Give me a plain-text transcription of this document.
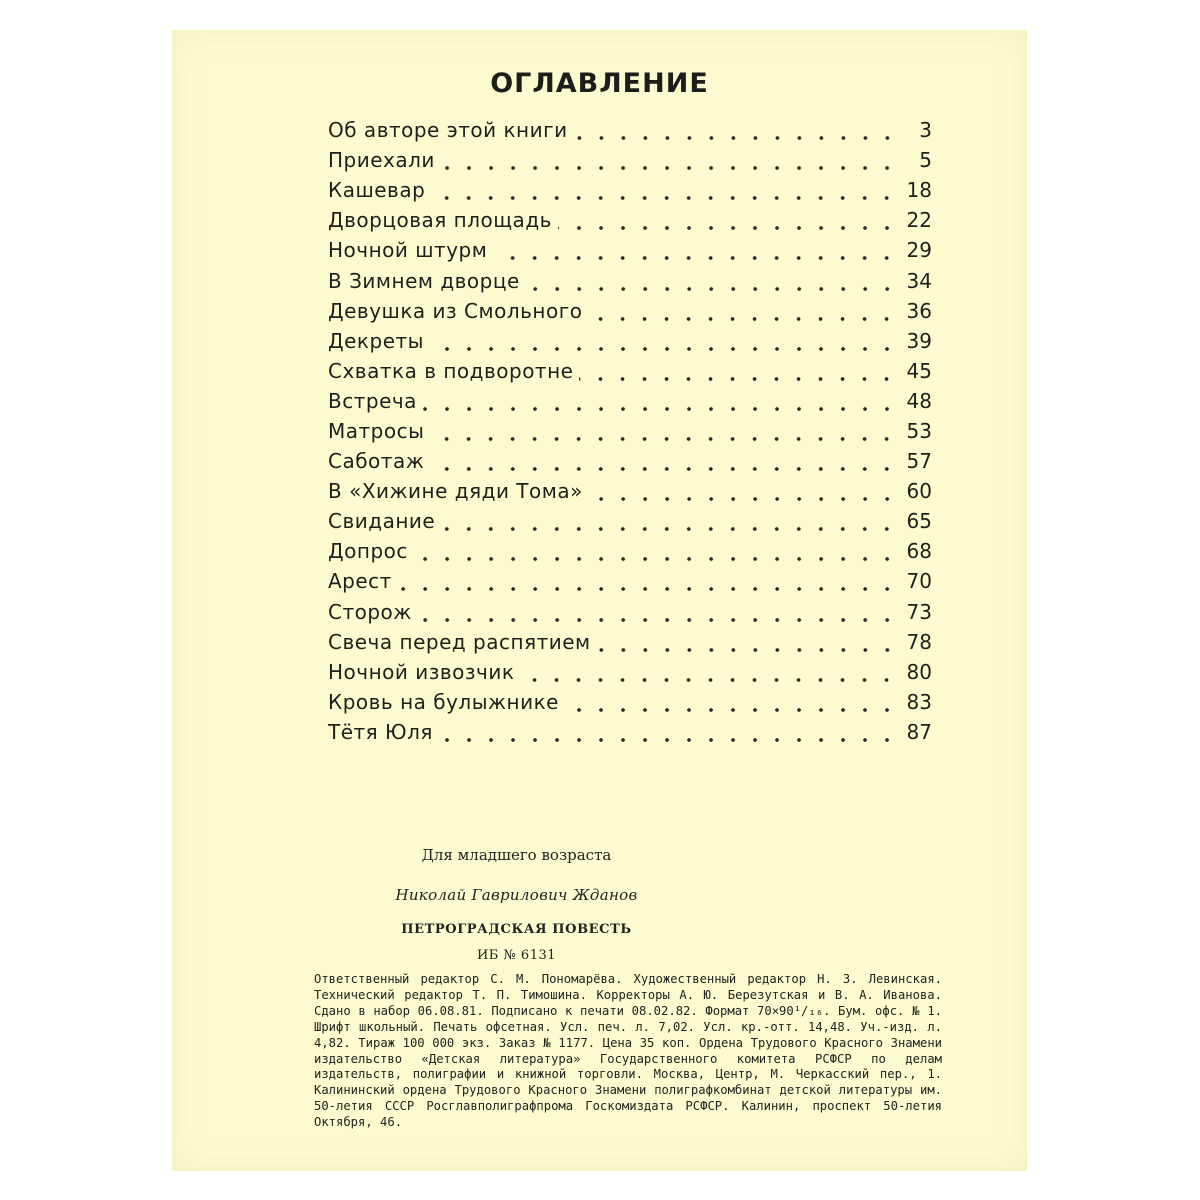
ОГЛАВЛЕНИЕ
Об авторе этой книги	3
Приехали	5
Кашевар	18
Дворцовая площадь	22
Ночной штурм	29
В Зимнем дворце	34
Девушка из Смольного	36
Декреты	39
Схватка в подворотне	45
Встреча	48
Матросы	53
Саботаж	57
В «Хижине дяди Тома»	60
Свидание	65
Допрос	68
Арест	70
Сторож	73
Свеча перед распятием	78
Ночной извозчик	80
Кровь на булыжнике	83
Тётя Юля	87
Для младшего возраста
Николай Гаврилович Жданов
ПЕТРОГРАДСКАЯ ПОВЕСТЬ
ИБ № 6131
Ответственный редактор С. М. Пономарёва. Художественный редактор Н. З. Левинская. Технический редактор Т. П. Тимошина. Корректоры А. Ю. Березутская и В. А. Иванова. Сдано в набор 06.08.81. Подписано к печати 08.02.82. Формат 70×90¹/₁₆. Бум. офс. № 1. Шрифт школьный. Печать офсетная. Усл. печ. л. 7,02. Усл. кр.-отт. 14,48. Уч.-изд. л. 4,82. Тираж 100 000 экз. Заказ № 1177. Цена 35 коп. Ордена Трудового Красного Знамени издательство «Детская литература» Государственного комитета РСФСР по делам издательств, полиграфии и книжной торговли. Москва, Центр, М. Черкасский пер., 1. Калининский ордена Трудового Красного Знамени полиграфкомбинат детской литературы им. 50-летия СССР Росглавполиграфпрома Госкомиздата РСФСР. Калинин, проспект 50-летия Октября, 46.
